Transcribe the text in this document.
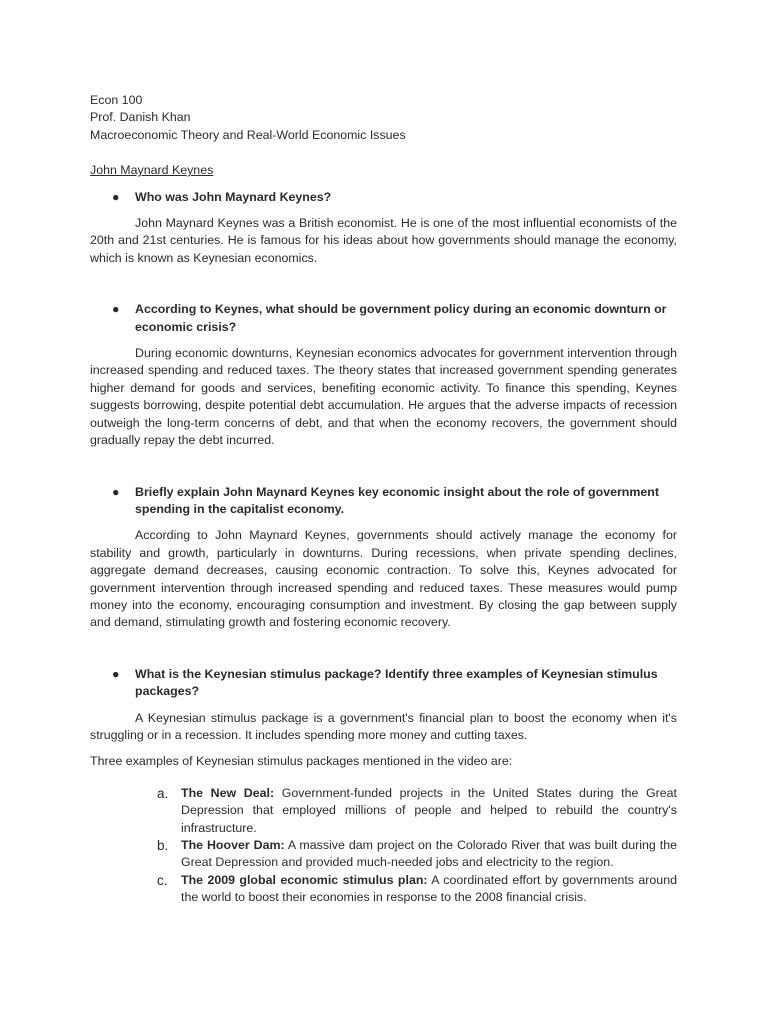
Econ 100

Prof. Danish Khan

Macroeconomic Theory and Real-World Economic Issues

John Maynard Keynes

● Who was John Maynard Keynes?

John Maynard Keynes was a British economist. He is one of the most influential economists of the 20th and 21st centuries. He is famous for his ideas about how governments should manage the economy, which is known as Keynesian economics.

● According to Keynes, what should be government policy during an economic downturn or economic crisis?

During economic downturns, Keynesian economics advocates for government intervention through increased spending and reduced taxes. The theory states that increased government spending generates higher demand for goods and services, benefiting economic activity. To finance this spending, Keynes suggests borrowing, despite potential debt accumulation. He argues that the adverse impacts of recession outweigh the long-term concerns of debt, and that when the economy recovers, the government should gradually repay the debt incurred.

● Briefly explain John Maynard Keynes key economic insight about the role of government spending in the capitalist economy.

According to John Maynard Keynes, governments should actively manage the economy for stability and growth, particularly in downturns. During recessions, when private spending declines, aggregate demand decreases, causing economic contraction. To solve this, Keynes advocated for government intervention through increased spending and reduced taxes. These measures would pump money into the economy, encouraging consumption and investment. By closing the gap between supply and demand, stimulating growth and fostering economic recovery.

● What is the Keynesian stimulus package? Identify three examples of Keynesian stimulus packages?

A Keynesian stimulus package is a government's financial plan to boost the economy when it's struggling or in a recession. It includes spending more money and cutting taxes.

Three examples of Keynesian stimulus packages mentioned in the video are:

a. The New Deal: Government-funded projects in the United States during the Great Depression that employed millions of people and helped to rebuild the country's infrastructure.
b. The Hoover Dam: A massive dam project on the Colorado River that was built during the Great Depression and provided much-needed jobs and electricity to the region.
c. The 2009 global economic stimulus plan: A coordinated effort by governments around the world to boost their economies in response to the 2008 financial crisis.
